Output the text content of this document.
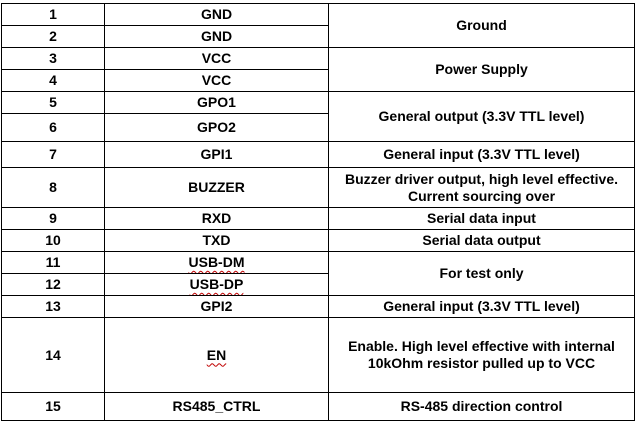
1	GND	Ground
2	GND	
3	VCC	Power Supply
4	VCC	
5	GPO1	General output (3.3V TTL level)
6	GPO2	
7	GPI1	General input (3.3V TTL level)
8	BUZZER	Buzzer driver output, high level effective. Current sourcing over

9	RXD	Serial data input
10	TXD	Serial data output
11	USB-DM	For test only
12	USB-DP	
13	GPI2	General input (3.3V TTL level)
14	EN	Enable. High level effective with internal 10kOhm resistor pulled up to VCC
15	RS485_CTRL	RS-485 direction control
